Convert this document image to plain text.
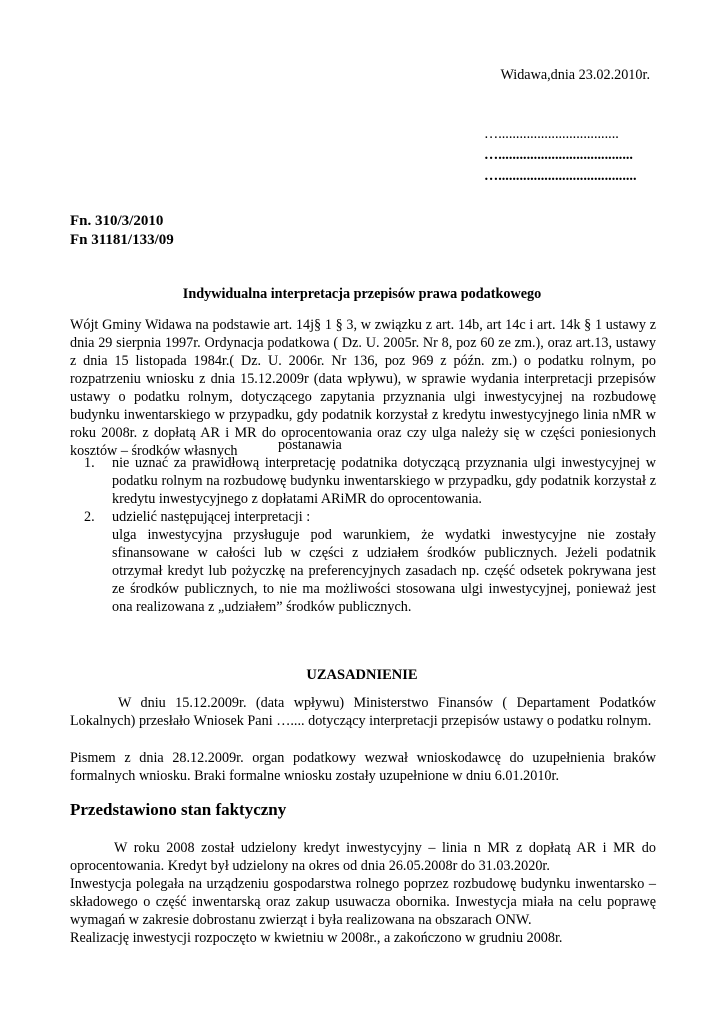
Widawa,dnia 23.02.2010r.
…..................................
…......................................
….......................................
Fn. 310/3/2010
Fn 31181/133/09
Indywidualna interpretacja przepisów prawa podatkowego

Wójt Gminy Widawa na podstawie art. 14j§ 1 § 3, w związku z art. 14b, art 14c i art. 14k § 1 ustawy z dnia 29 sierpnia 1997r. Ordynacja podatkowa ( Dz. U. 2005r. Nr 8, poz 60 ze zm.), oraz art.13, ustawy z dnia 15 listopada 1984r.( Dz. U. 2006r. Nr 136, poz 969 z późn. zm.) o podatku rolnym, po rozpatrzeniu wniosku z dnia 15.12.2009r (data wpływu), w sprawie wydania interpretacji przepisów ustawy o podatku rolnym, dotyczącego zapytania przyznania ulgi inwestycyjnej na rozbudowę budynku inwentarskiego w przypadku, gdy podatnik korzystał z kredytu inwestycyjnego linia nMR w roku 2008r. z dopłatą AR i MR do oprocentowania oraz czy ulga należy się w części poniesionych kosztów – środków własnych	postanawia
1. nie uznać za prawidłową interpretację podatnika dotyczącą przyznania ulgi inwestycyjnej w podatku rolnym na rozbudowę budynku inwentarskiego w przypadku, gdy podatnik korzystał z kredytu inwestycyjnego z dopłatami ARiMR do oprocentowania.

2. udzielić następującej interpretacji :

ulga inwestycyjna przysługuje pod warunkiem, że wydatki inwestycyjne nie zostały sfinansowane w całości lub w części z udziałem środków publicznych. Jeżeli podatnik otrzymał kredyt lub pożyczkę na preferencyjnych zasadach np. część odsetek pokrywana jest ze środków publicznych, to nie ma możliwości stosowana ulgi inwestycyjnej, ponieważ jest ona realizowana z „udziałem” środków publicznych.

UZASADNIENIE

W dniu 15.12.2009r. (data wpływu) Ministerstwo Finansów ( Departament Podatków Lokalnych) przesłało Wniosek Pani ….... dotyczący interpretacji przepisów ustawy o podatku rolnym.

Pismem z dnia 28.12.2009r. organ podatkowy wezwał wnioskodawcę do uzupełnienia braków formalnych wniosku. Braki formalne wniosku zostały uzupełnione w dniu 6.01.2010r.

Przedstawiono stan faktyczny

W roku 2008 został udzielony kredyt inwestycyjny – linia n MR z dopłatą AR i MR do oprocentowania. Kredyt był udzielony na okres od dnia 26.05.2008r do 31.03.2020r.

Inwestycja polegała na urządzeniu gospodarstwa rolnego poprzez rozbudowę budynku inwentarsko – składowego o część inwentarską oraz zakup usuwacza obornika. Inwestycja miała na celu poprawę wymagań w zakresie dobrostanu zwierząt i była realizowana na obszarach ONW.

Realizację inwestycji rozpoczęto w kwietniu w 2008r., a zakończono w grudniu 2008r.
